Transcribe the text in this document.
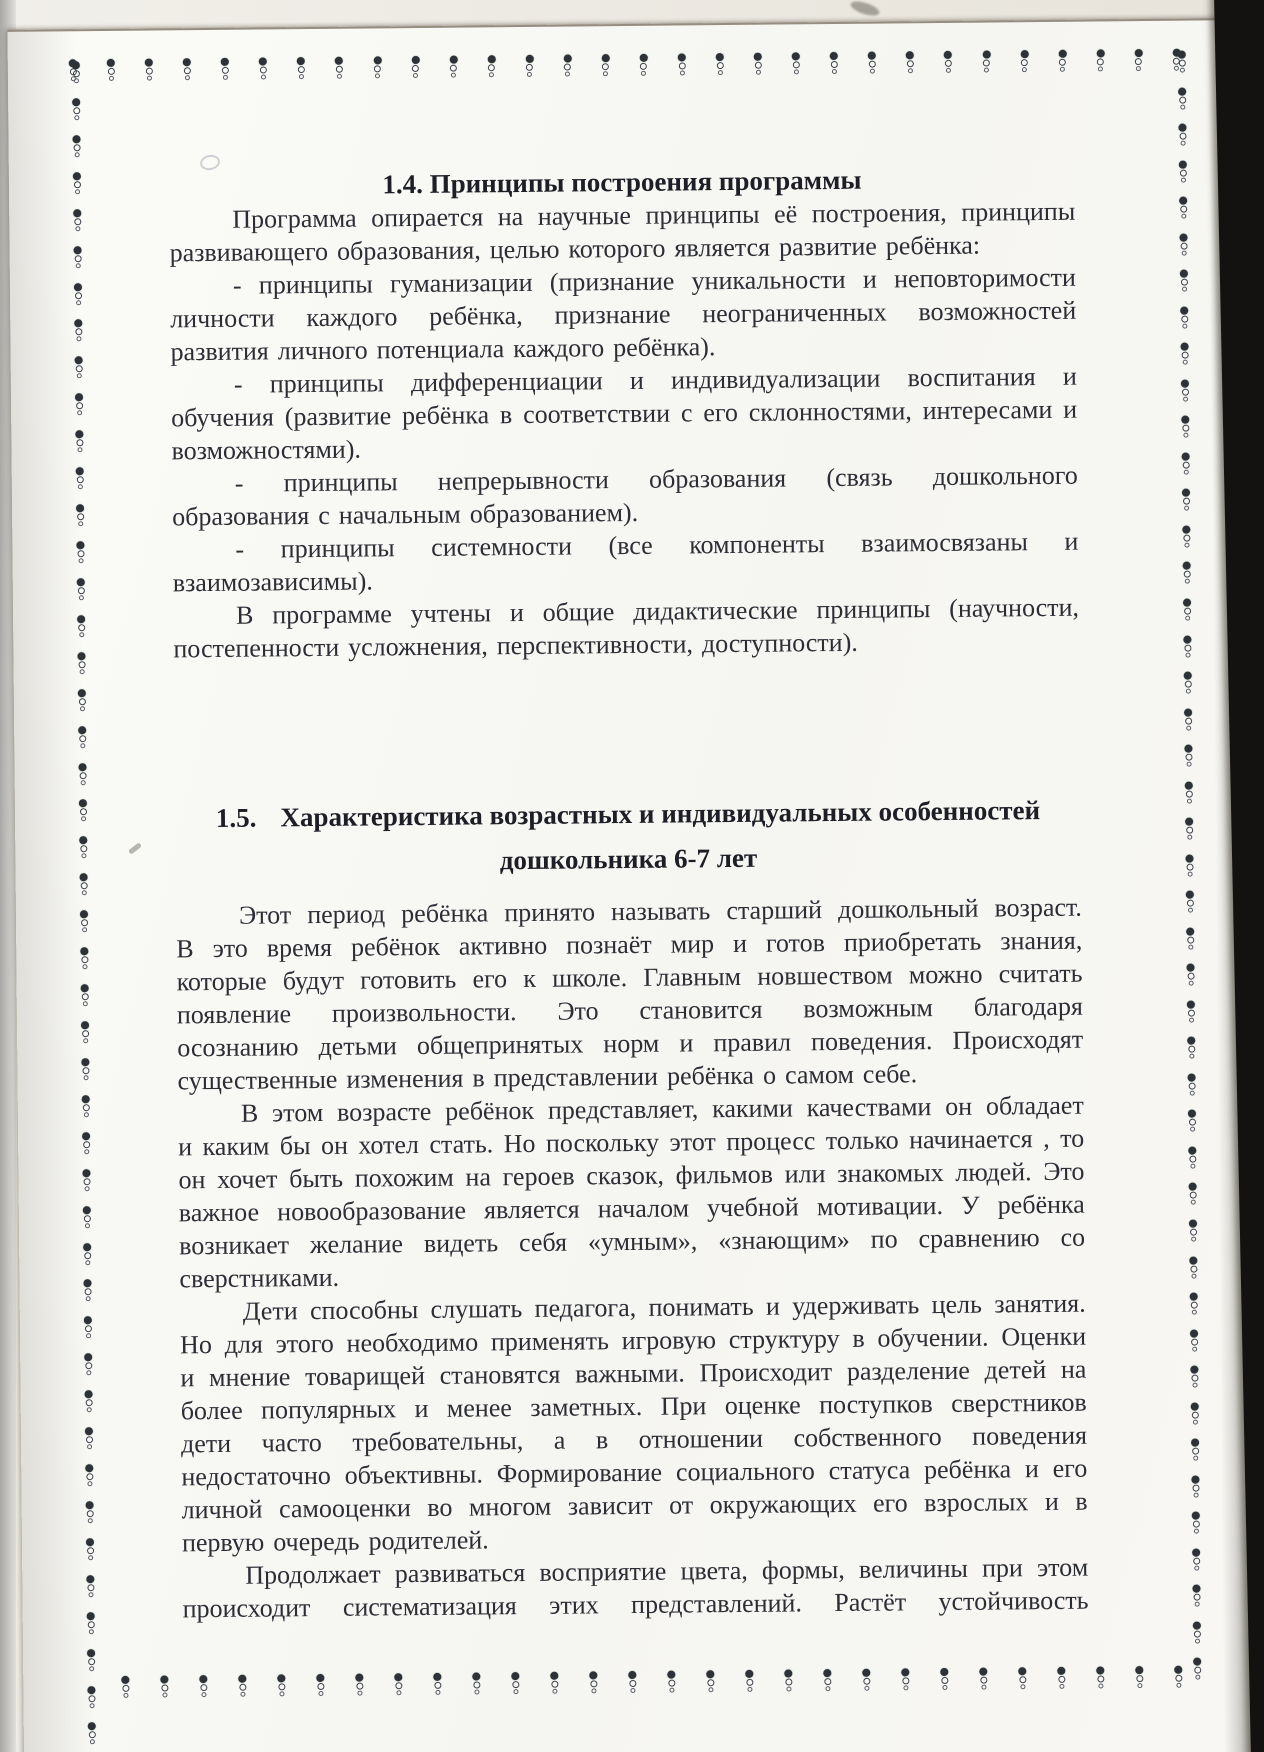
1.4. Принципы построения программы
Программа опирается на научные принципы её построения, принципы
развивающего образования, целью которого является развитие ребёнка:
- принципы гуманизации (признание уникальности и неповторимости
личности каждого ребёнка, признание неограниченных возможностей
развития личного потенциала каждого ребёнка).
- принципы дифференциации и индивидуализации воспитания и
обучения (развитие ребёнка в соответствии с его склонностями, интересами и
возможностями).
- принципы непрерывности образования (связь дошкольного
образования с начальным образованием).
- принципы системности (все компоненты взаимосвязаны и
взаимозависимы).
В программе учтены и общие дидактические принципы (научности,
постепенности усложнения, перспективности, доступности).
1.5. Характеристика возрастных и индивидуальных особенностей
дошкольника 6-7 лет
Этот период ребёнка принято называть старший дошкольный возраст.
В это время ребёнок активно познаёт мир и готов приобретать знания,
которые будут готовить его к школе. Главным новшеством можно считать
появление произвольности. Это становится возможным благодаря
осознанию детьми общепринятых норм и правил поведения. Происходят
существенные изменения в представлении ребёнка о самом себе.
В этом возрасте ребёнок представляет, какими качествами он обладает
и каким бы он хотел стать. Но поскольку этот процесс только начинается , то
он хочет быть похожим на героев сказок, фильмов или знакомых людей. Это
важное новообразование является началом учебной мотивации. У ребёнка
возникает желание видеть себя «умным», «знающим» по сравнению со
сверстниками.
Дети способны слушать педагога, понимать и удерживать цель занятия.
Но для этого необходимо применять игровую структуру в обучении. Оценки
и мнение товарищей становятся важными. Происходит разделение детей на
более популярных и менее заметных. При оценке поступков сверстников
дети часто требовательны, а в отношении собственного поведения
недостаточно объективны. Формирование социального статуса ребёнка и его
личной самооценки во многом зависит от окружающих его взрослых и в
первую очередь родителей.
Продолжает развиваться восприятие цвета, формы, величины при этом
происходит систематизация этих представлений. Растёт устойчивость
